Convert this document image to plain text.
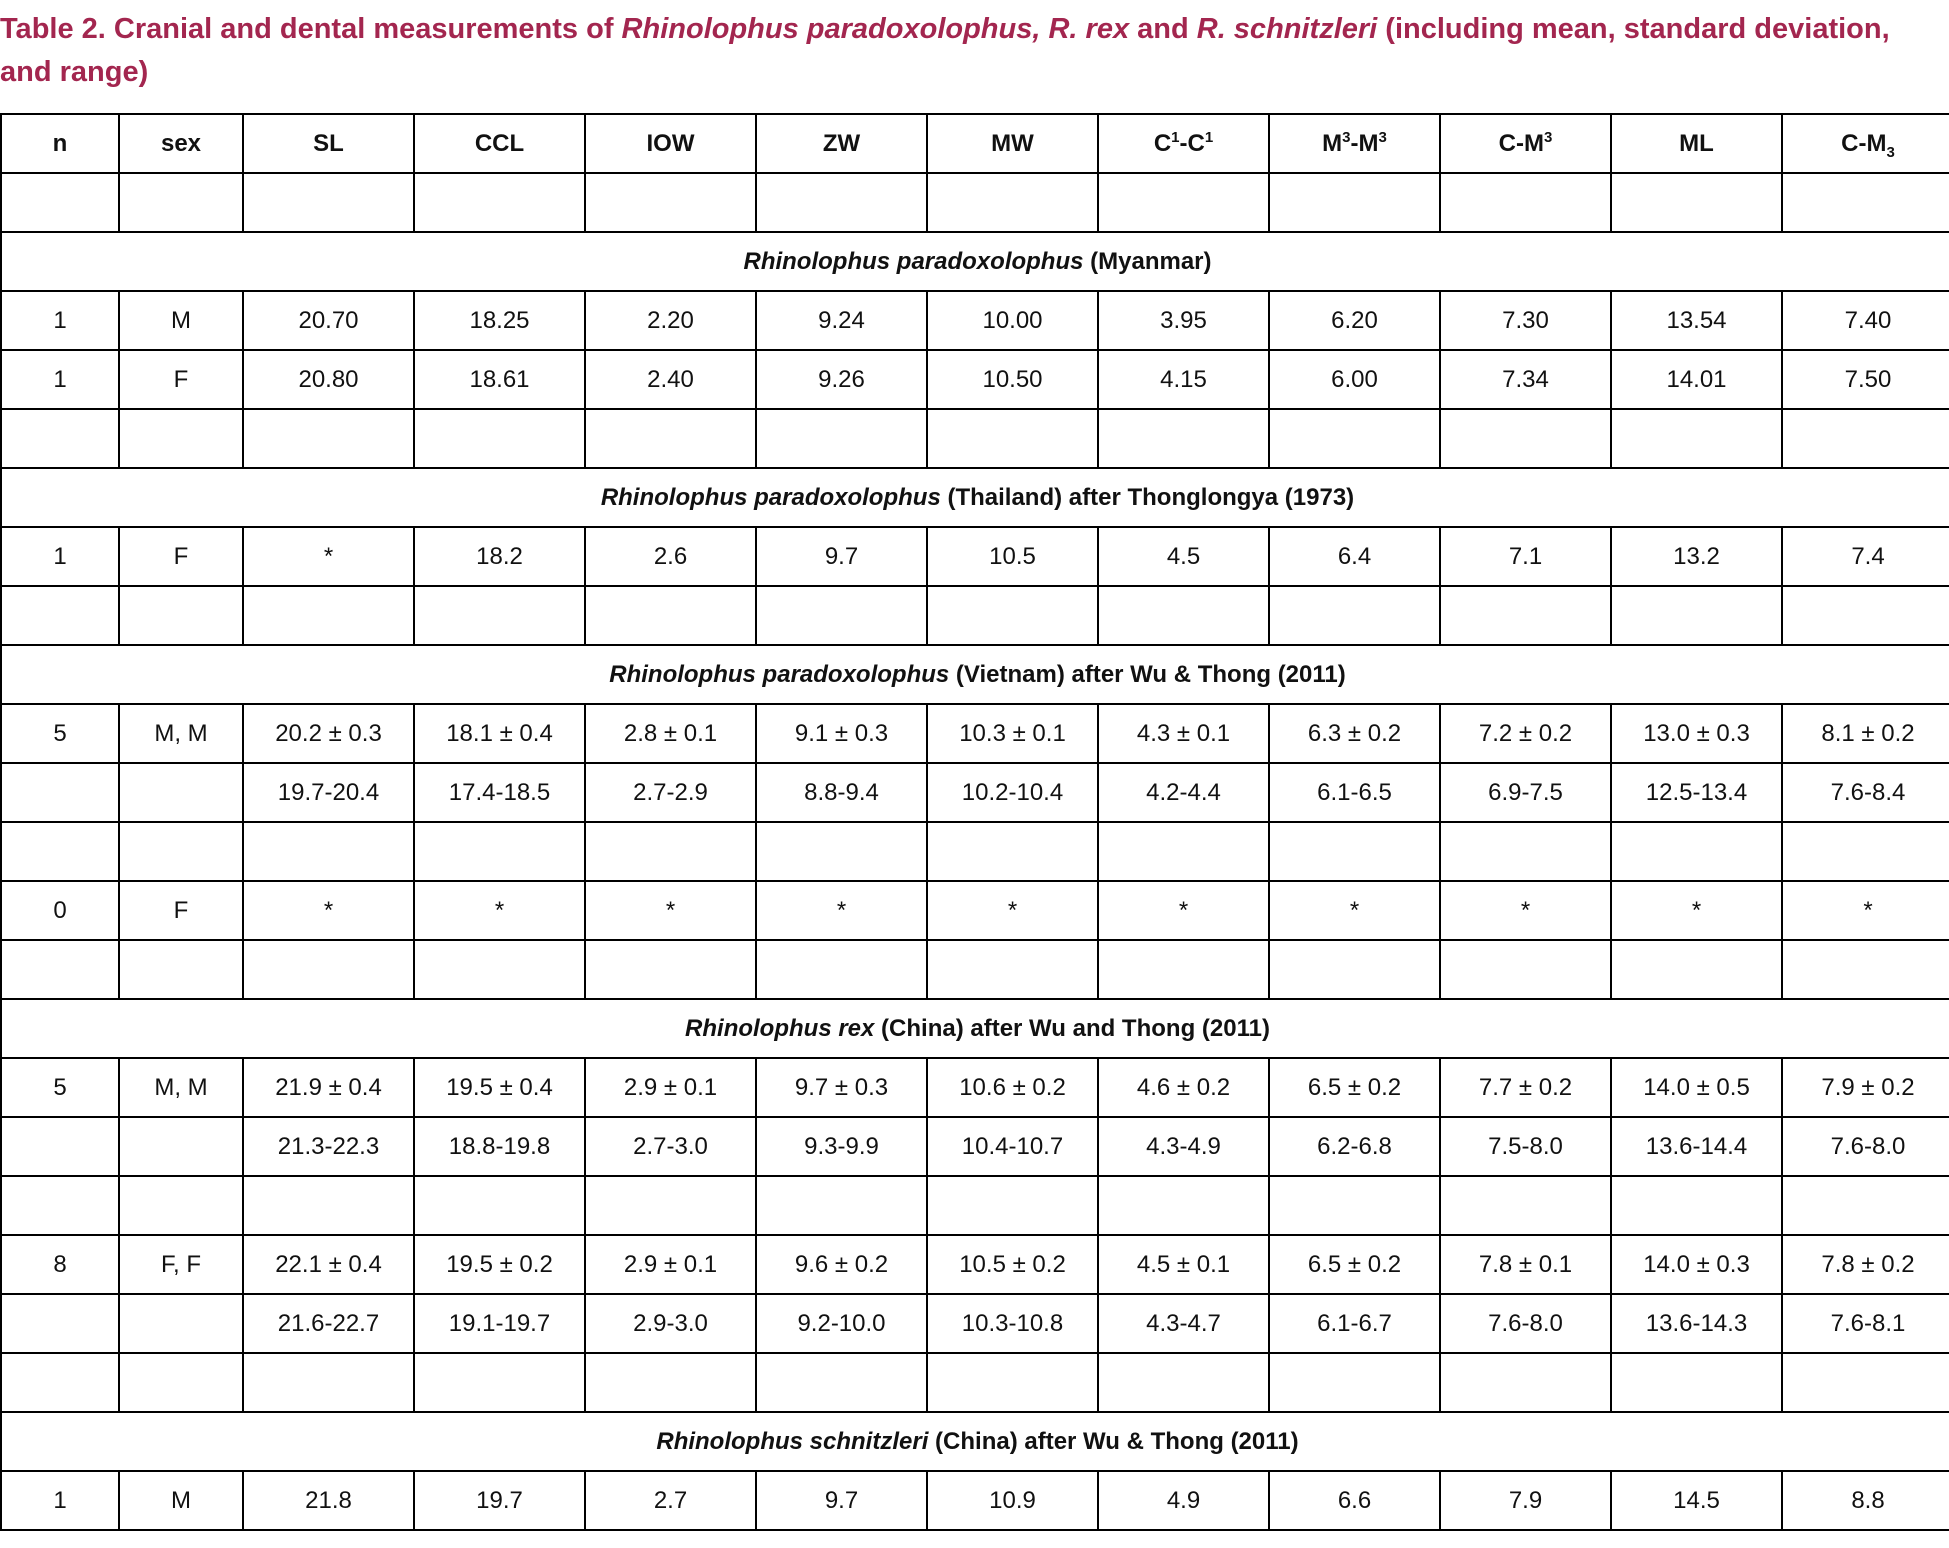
Table 2. Cranial and dental measurements of Rhinolophus paradoxolophus, R. rex and R. schnitzleri (including mean, standard deviation, and range)
n	sex	SL	CCL	IOW	ZW	MW	$C^1-C^1$	$M^3-M^3$	$C-M^3$	ML	$C-M_3$

Rhinolophus paradoxolophus (Myanmar)											
1	M	20.70	18.25	2.20	9.24	10.00	3.95	6.20	7.30	13.54	7.40
1	F	20.80	18.61	2.40	9.26	10.50	4.15	6.00	7.34	14.01	7.50

Rhinolophus paradoxolophus (Thailand) after Thonglongya (1973)											
1	F	*	18.2	2.6	9.7	10.5	4.5	6.4	7.1	13.2	7.4

Rhinolophus paradoxolophus (Vietnam) after Wu & Thong (2011)											
5	M, M	20.2 ± 0.3	18.1 ± 0.4	2.8 ± 0.1	9.1 ± 0.3	10.3 ± 0.1	4.3 ± 0.1	6.3 ± 0.2	7.2 ± 0.2	13.0 ± 0.3	8.1 ± 0.2
		19.7-20.4	17.4-18.5	2.7-2.9	8.8-9.4	10.2-10.4	4.2-4.4	6.1-6.5	6.9-7.5	12.5-13.4	7.6-8.4

0	F	*	*	*	*	*	*	*	*	*	*

Rhinolophus rex (China) after Wu and Thong (2011)											
5	M, M	21.9 ± 0.4	19.5 ± 0.4	2.9 ± 0.1	9.7 ± 0.3	10.6 ± 0.2	4.6 ± 0.2	6.5 ± 0.2	7.7 ± 0.2	14.0 ± 0.5	7.9 ± 0.2
		21.3-22.3	18.8-19.8	2.7-3.0	9.3-9.9	10.4-10.7	4.3-4.9	6.2-6.8	7.5-8.0	13.6-14.4	7.6-8.0

8	F, F	22.1 ± 0.4	19.5 ± 0.2	2.9 ± 0.1	9.6 ± 0.2	10.5 ± 0.2	4.5 ± 0.1	6.5 ± 0.2	7.8 ± 0.1	14.0 ± 0.3	7.8 ± 0.2
		21.6-22.7	19.1-19.7	2.9-3.0	9.2-10.0	10.3-10.8	4.3-4.7	6.1-6.7	7.6-8.0	13.6-14.3	7.6-8.1

Rhinolophus schnitzleri (China) after Wu & Thong (2011)											
1	M	21.8	19.7	2.7	9.7	10.9	4.9	6.6	7.9	14.5	8.8
